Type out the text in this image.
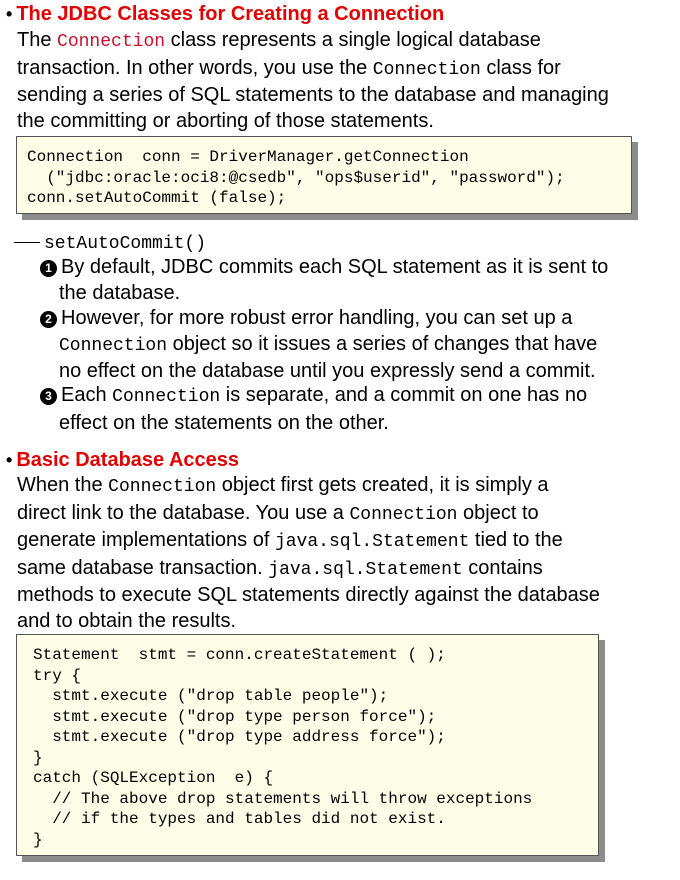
• The JDBC Classes for Creating a Connection

The Connection class represents a single logical database

transaction. In other words, you use the Connection class for

sending a series of SQL statements to the database and managing

the committing or aborting of those statements.

Connection  conn = DriverManager.getConnection
("jdbc:oracle:oci8:@csedb", "ops$userid", "password");
conn.setAutoCommit (false);
setAutoCommit()
1 By default, JDBC commits each SQL statement as it is sent to
the database.
2 However, for more robust error handling, you can set up a
Connection object so it issues a series of changes that have
no effect on the database until you expressly send a commit.
3 Each Connection is separate, and a commit on one has no
effect on the statements on the other.
• Basic Database Access

When the Connection object first gets created, it is simply a

direct link to the database. You use a Connection object to

generate implementations of java.sql.Statement tied to the

same database transaction. java.sql.Statement contains

methods to execute SQL statements directly against the database

and to obtain the results.

Statement  stmt = conn.createStatement ( );
try {
stmt.execute ("drop table people");
stmt.execute ("drop type person force");
stmt.execute ("drop type address force");
}
catch (SQLException  e) {
// The above drop statements will throw exceptions
// if the types and tables did not exist.
}
